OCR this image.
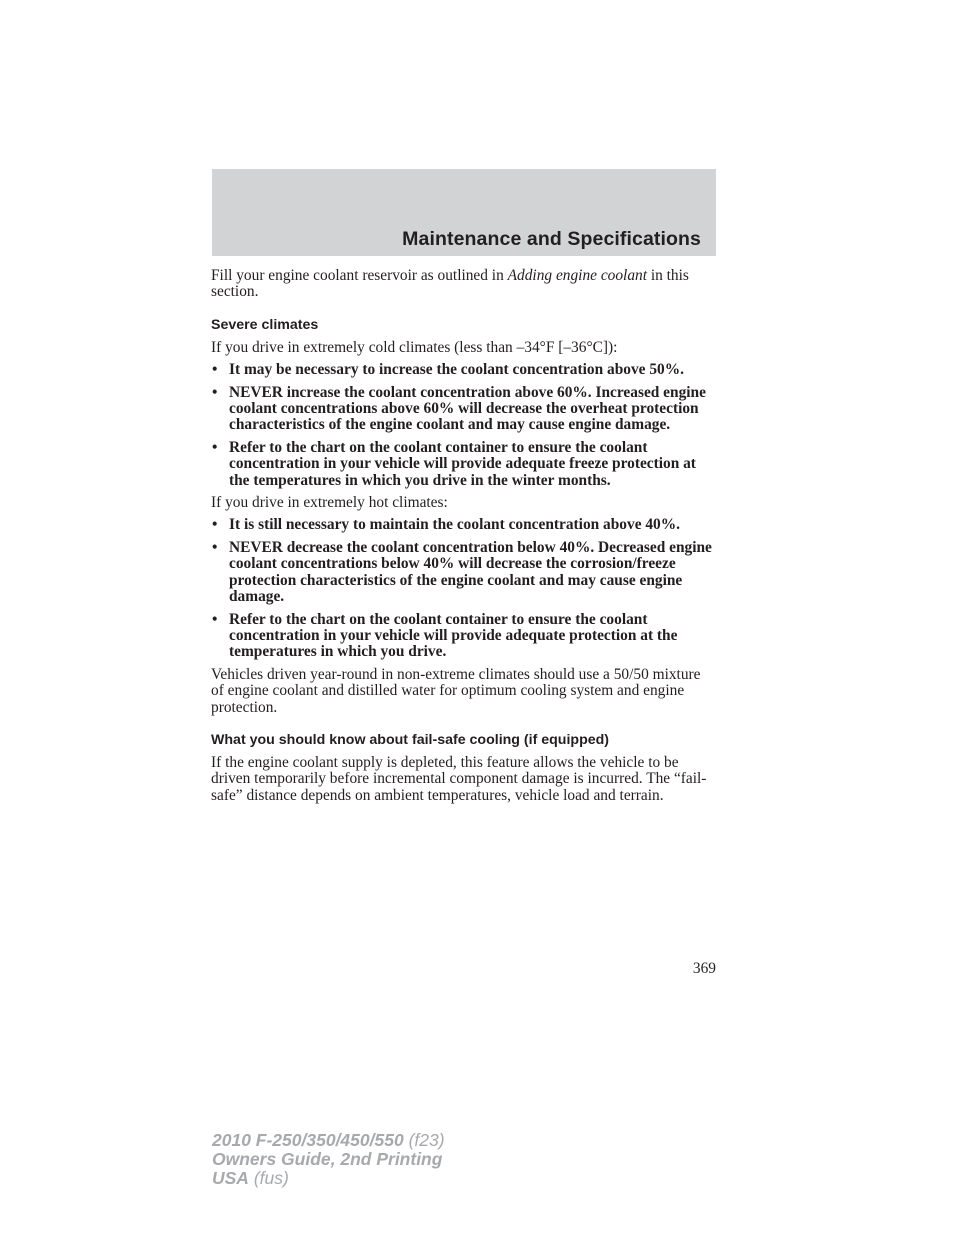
Maintenance and Specifications

Fill your engine coolant reservoir as outlined in Adding engine coolant in this section.

Severe climates

If you drive in extremely cold climates (less than –34°F [–36°C]):

• It may be necessary to increase the coolant concentration above 50%.
• NEVER increase the coolant concentration above 60%. Increased engine coolant concentrations above 60% will decrease the overheat protection characteristics of the engine coolant and may cause engine damage.
• Refer to the chart on the coolant container to ensure the coolant concentration in your vehicle will provide adequate freeze protection at the temperatures in which you drive in the winter months.

If you drive in extremely hot climates:

• It is still necessary to maintain the coolant concentration above 40%.
• NEVER decrease the coolant concentration below 40%. Decreased engine coolant concentrations below 40% will decrease the corrosion/freeze protection characteristics of the engine coolant and may cause engine damage.
• Refer to the chart on the coolant container to ensure the coolant concentration in your vehicle will provide adequate protection at the temperatures in which you drive.

Vehicles driven year-round in non-extreme climates should use a 50/50 mixture of engine coolant and distilled water for optimum cooling system and engine protection.

What you should know about fail-safe cooling (if equipped)

If the engine coolant supply is depleted, this feature allows the vehicle to be driven temporarily before incremental component damage is incurred. The “fail-safe” distance depends on ambient temperatures, vehicle load and terrain.

369
2010 F-250/350/450/550 (f23)
Owners Guide, 2nd Printing
USA (fus)
